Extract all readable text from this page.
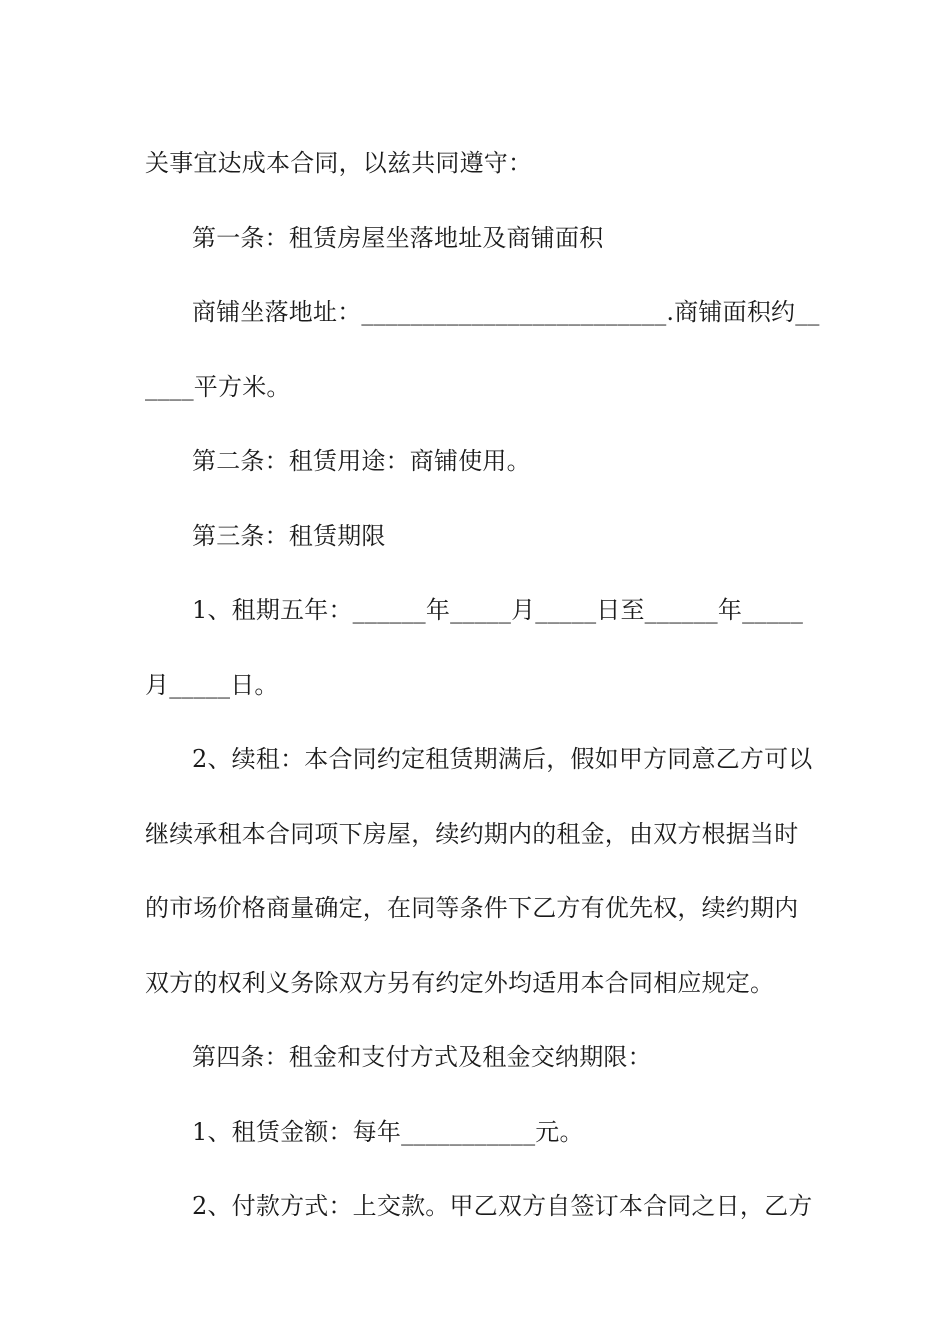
关事宜达成本合同，以兹共同遵守：
第一条：租赁房屋坐落地址及商铺面积
商铺坐落地址：_________________________.商铺面积约__
____平方米。
第二条：租赁用途：商铺使用。
第三条：租赁期限
1、租期五年：______年_____月_____日至______年_____
月_____日。
2、续租：本合同约定租赁期满后，假如甲方同意乙方可以
继续承租本合同项下房屋，续约期内的租金，由双方根据当时
的市场价格商量确定，在同等条件下乙方有优先权，续约期内
双方的权利义务除双方另有约定外均适用本合同相应规定。
第四条：租金和支付方式及租金交纳期限：
1、租赁金额：每年___________元。
2、付款方式：上交款。甲乙双方自签订本合同之日，乙方
